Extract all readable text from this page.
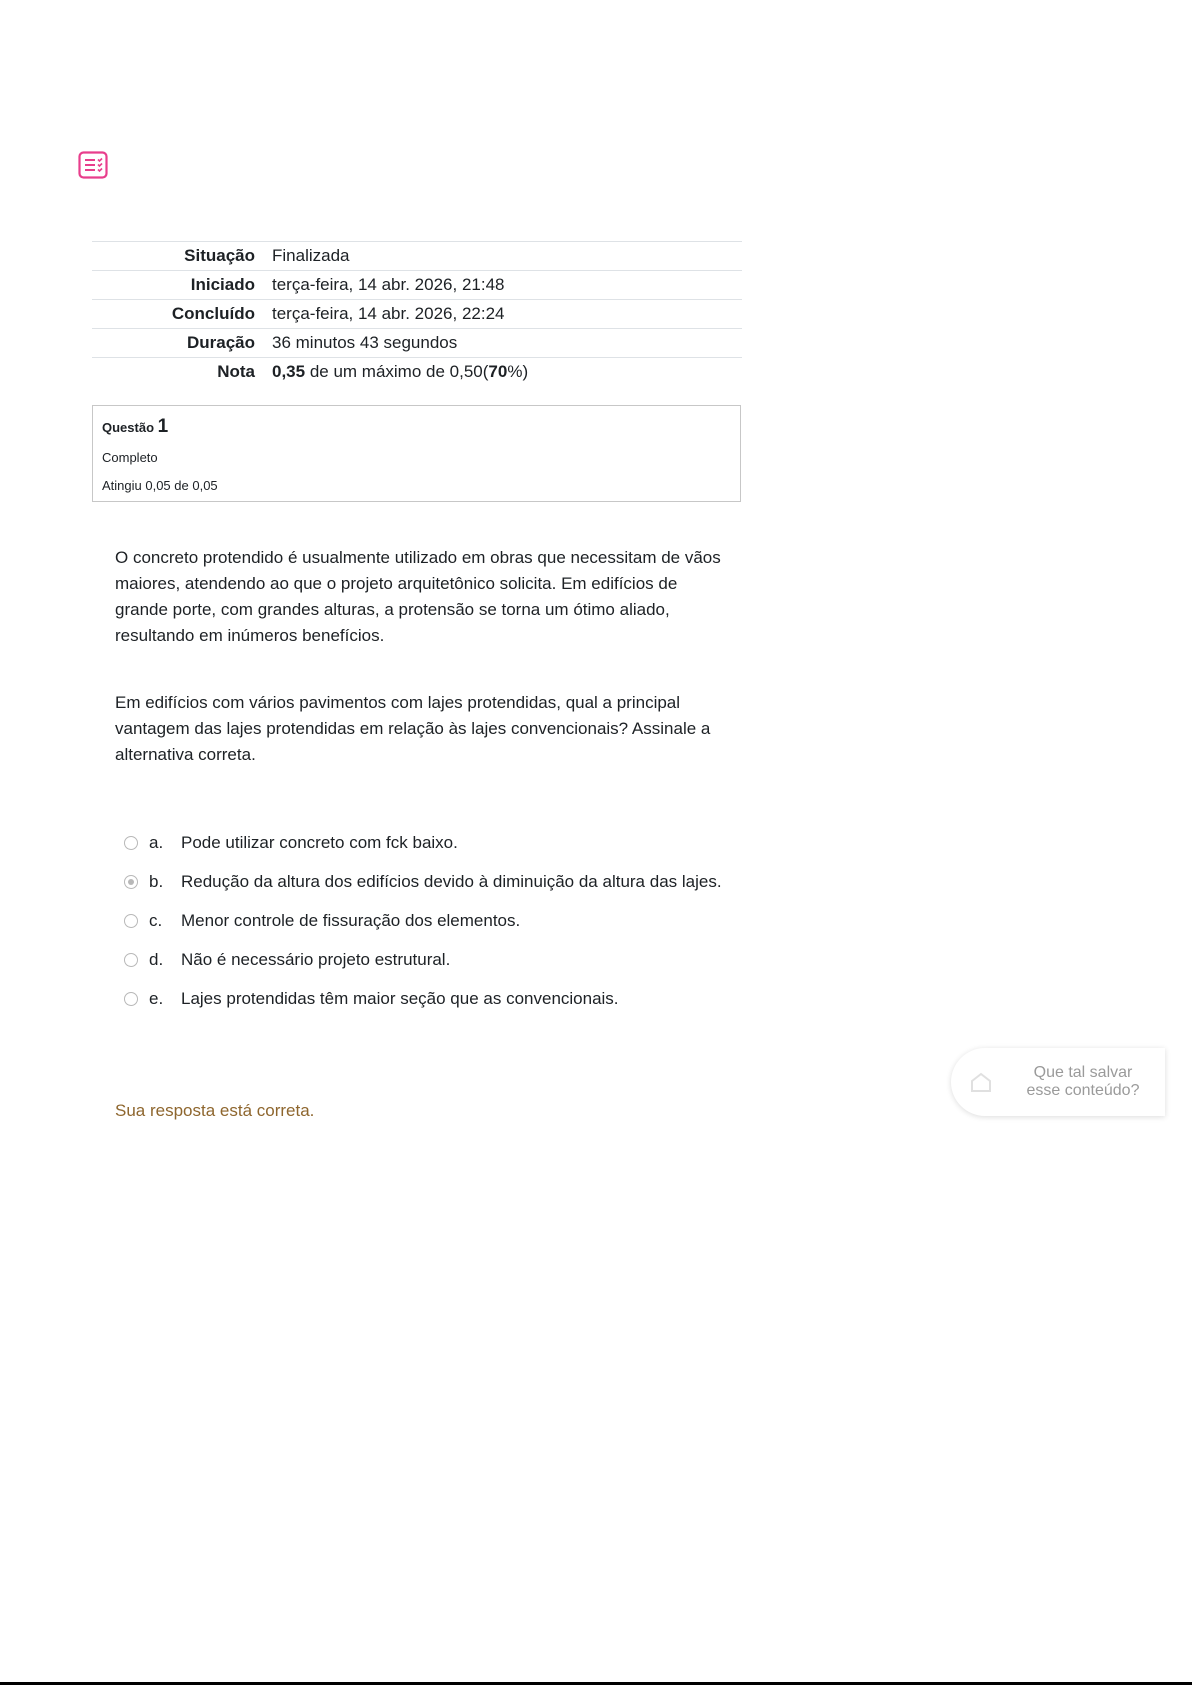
Situação	Finalizada
Iniciado	terça-feira, 14 abr. 2026, 21:48
Concluído	terça-feira, 14 abr. 2026, 22:24
Duração	36 minutos 43 segundos
Nota	0,35 de um máximo de 0,50(70%)
Questão 1
Completo
Atingiu 0,05 de 0,05

O concreto protendido é usualmente utilizado em obras que necessitam de vãos maiores, atendendo ao que o projeto arquitetônico solicita. Em edifícios de grande porte, com grandes alturas, a protensão se torna um ótimo aliado, resultando em inúmeros benefícios.

Em edifícios com vários pavimentos com lajes protendidas, qual a principal vantagem das lajes protendidas em relação às lajes convencionais? Assinale a alternativa correta.

a.	Pode utilizar concreto com fck baixo.
b.	Redução da altura dos edifícios devido à diminuição da altura das lajes.
c.	Menor controle de fissuração dos elementos.
d.	Não é necessário projeto estrutural.
e.	Lajes protendidas têm maior seção que as convencionais.
Sua resposta está correta.
Que tal salvar
esse conteúdo?
